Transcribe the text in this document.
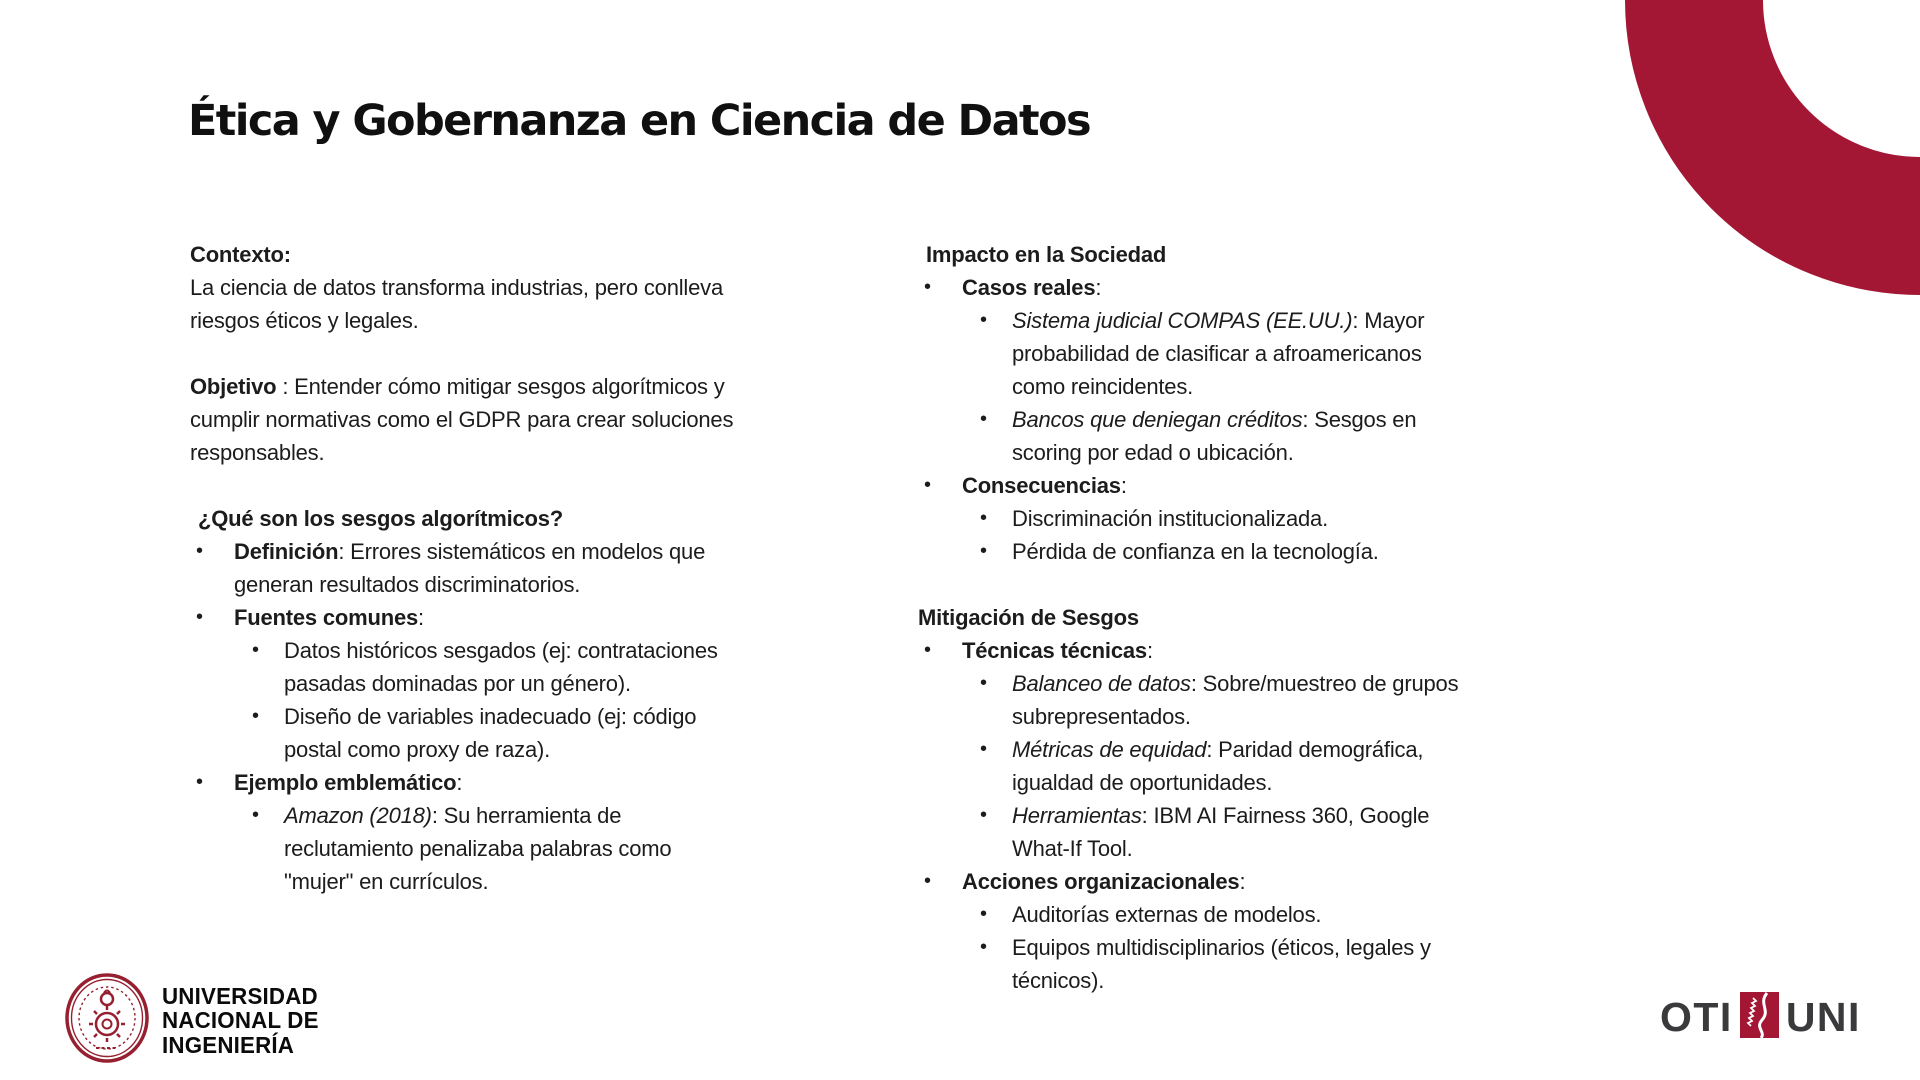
Ética y Gobernanza en Ciencia de Datos
Contexto:
La ciencia de datos transforma industrias, pero conlleva riesgos éticos y legales.
Objetivo : Entender cómo mitigar sesgos algorítmicos y cumplir normativas como el GDPR para crear soluciones responsables.
¿Qué son los sesgos algorítmicos?
• Definición: Errores sistemáticos en modelos que generan resultados discriminatorios.
• Fuentes comunes:
• Datos históricos sesgados (ej: contrataciones pasadas dominadas por un género).
• Diseño de variables inadecuado (ej: código postal como proxy de raza).
• Ejemplo emblemático:
• Amazon (2018): Su herramienta de reclutamiento penalizaba palabras como "mujer" en currículos.
Impacto en la Sociedad
• Casos reales:
• Sistema judicial COMPAS (EE.UU.): Mayor probabilidad de clasificar a afroamericanos como reincidentes.
• Bancos que deniegan créditos: Sesgos en scoring por edad o ubicación.
• Consecuencias:
• Discriminación institucionalizada.
• Pérdida de confianza en la tecnología.
Mitigación de Sesgos
• Técnicas técnicas:
• Balanceo de datos: Sobre/muestreo de grupos subrepresentados.
• Métricas de equidad: Paridad demográfica, igualdad de oportunidades.
• Herramientas: IBM AI Fairness 360, Google What-If Tool.
• Acciones organizacionales:
• Auditorías externas de modelos.
• Equipos multidisciplinarios (éticos, legales y técnicos).
UNIVERSIDAD
NACIONAL DE
INGENIERÍA
OTI UNI
